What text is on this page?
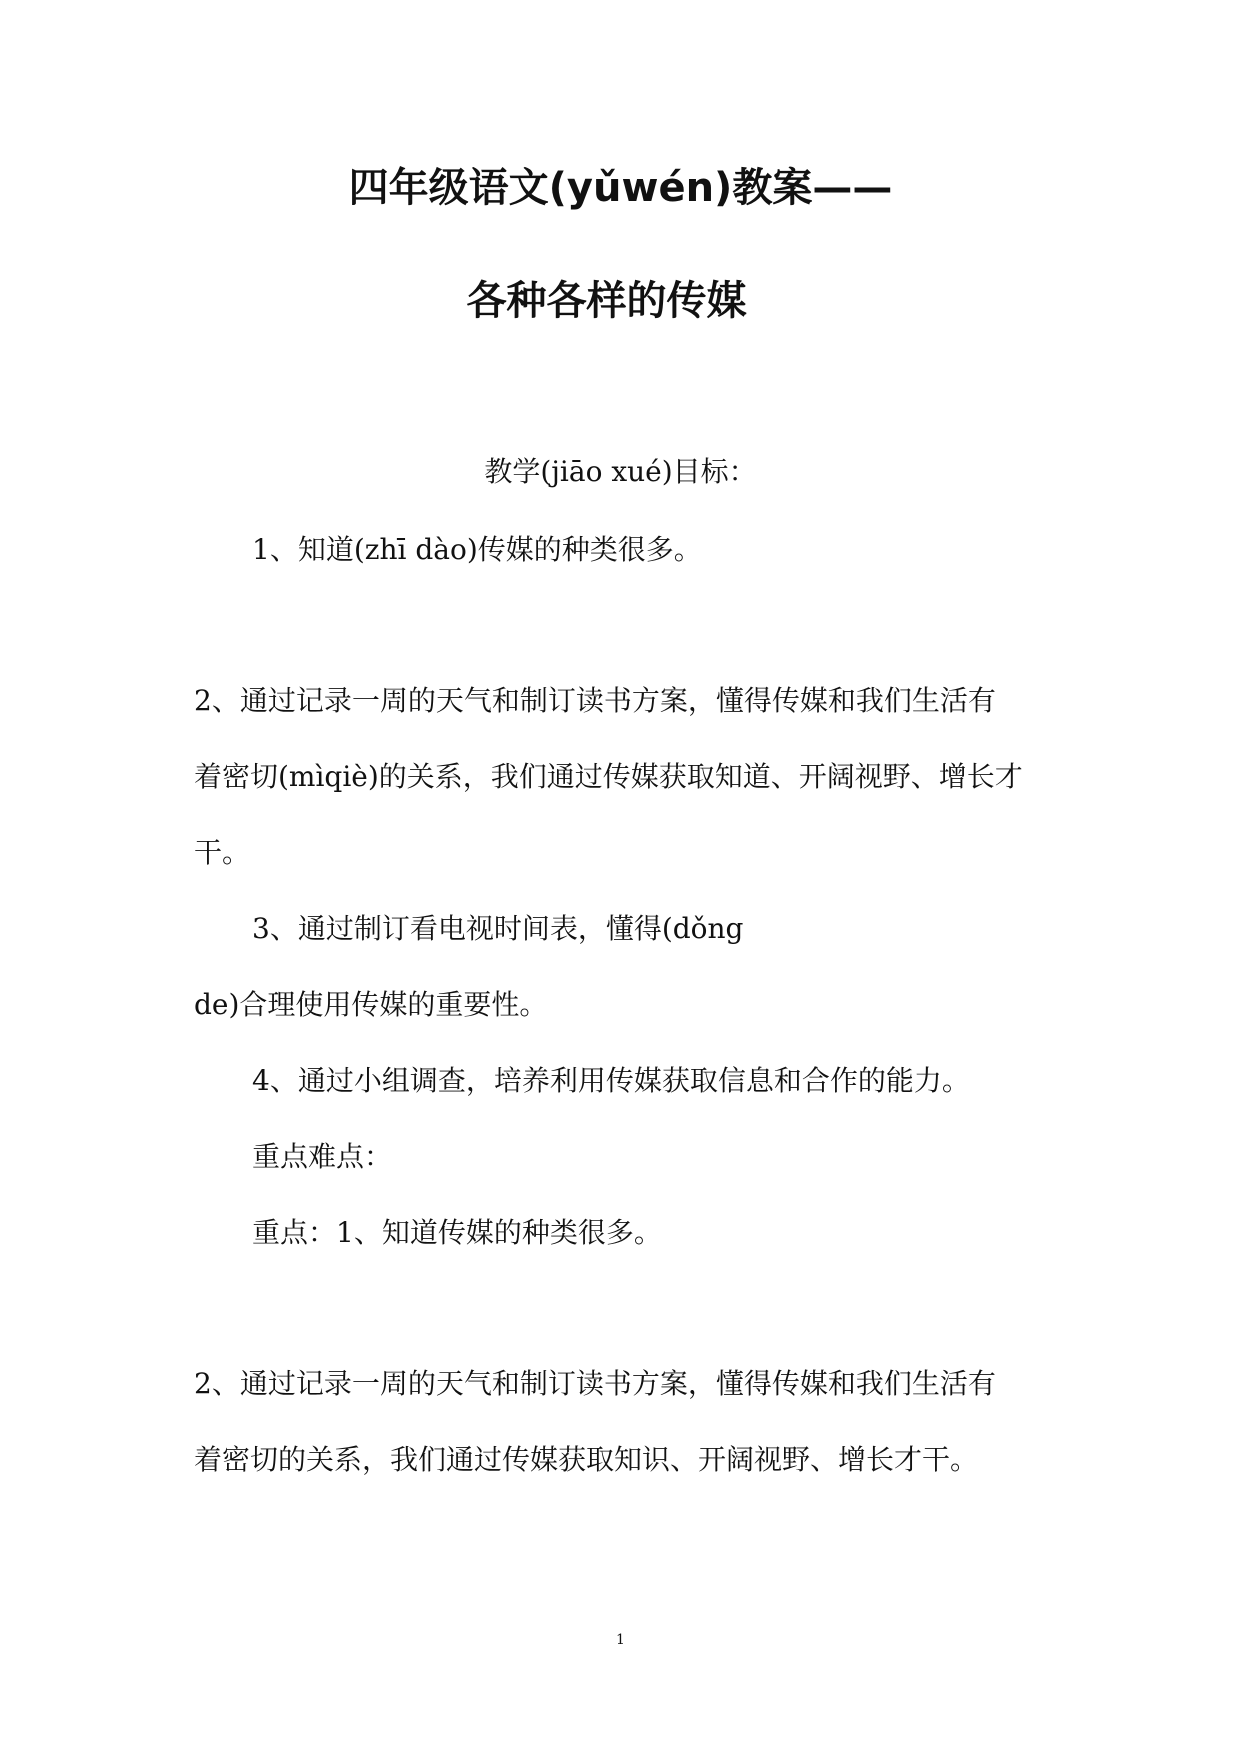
四年级语文(yǔwén)教案——
各种各样的传媒

教学(jiāo xué)目标：

1、知道(zhī dào)传媒的种类很多。

2、通过记录一周的天气和制订读书方案，懂得传媒和我们生活有

着密切(mìqiè)的关系，我们通过传媒获取知道、开阔视野、增长才

干。

3、通过制订看电视时间表，懂得(dǒng

de)合理使用传媒的重要性。

4、通过小组调查，培养利用传媒获取信息和合作的能力。

重点难点：

重点：1、知道传媒的种类很多。

2、通过记录一周的天气和制订读书方案，懂得传媒和我们生活有

着密切的关系，我们通过传媒获取知识、开阔视野、增长才干。

1
